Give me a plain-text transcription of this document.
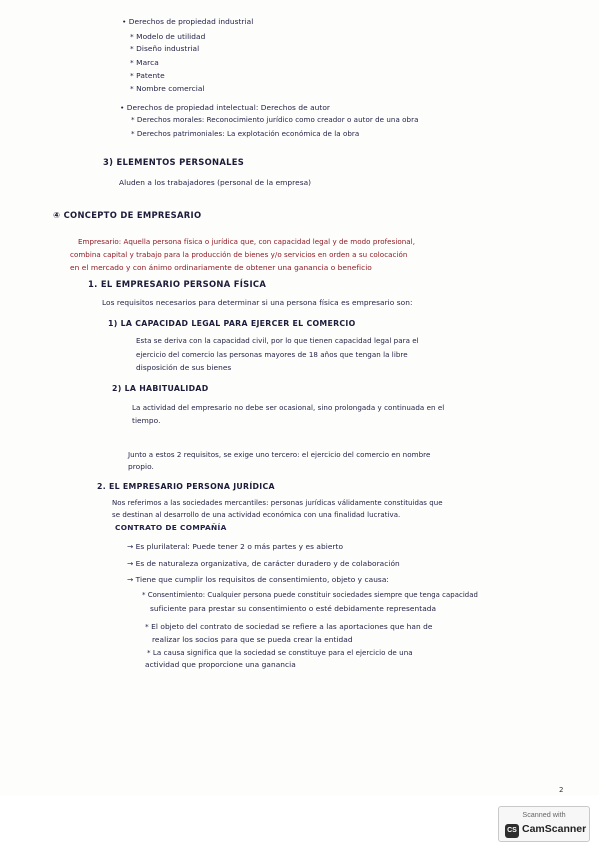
• Derechos de propiedad industrial
* Modelo de utilidad
* Diseño industrial
* Marca
* Patente
* Nombre comercial
• Derechos de propiedad intelectual: Derechos de autor
* Derechos morales: Reconocimiento jurídico como creador o autor de una obra
* Derechos patrimoniales: La explotación económica de la obra
3) ELEMENTOS PERSONALES
Aluden a los trabajadores (personal de la empresa)
④ CONCEPTO DE EMPRESARIO
Empresario: Aquella persona física o jurídica que, con capacidad legal y de modo profesional,
combina capital y trabajo para la producción de bienes y/o servicios en orden a su colocación
en el mercado y con ánimo ordinariamente de obtener una ganancia o beneficio
1. EL EMPRESARIO PERSONA FÍSICA
Los requisitos necesarios para determinar si una persona física es empresario son:
1) LA CAPACIDAD LEGAL PARA EJERCER EL COMERCIO
Esta se deriva con la capacidad civil, por lo que tienen capacidad legal para el
ejercicio del comercio las personas mayores de 18 años que tengan la libre
disposición de sus bienes
2) LA HABITUALIDAD
La actividad del empresario no debe ser ocasional, sino prolongada y continuada en el
tiempo.
Junto a estos 2 requisitos, se exige uno tercero: el ejercicio del comercio en nombre
propio.
2. EL EMPRESARIO PERSONA JURÍDICA
Nos referimos a las sociedades mercantiles: personas jurídicas válidamente constituidas que
se destinan al desarrollo de una actividad económica con una finalidad lucrativa.
CONTRATO DE COMPAÑÍA
→ Es plurilateral: Puede tener 2 o más partes y es abierto
→ Es de naturaleza organizativa, de carácter duradero y de colaboración
→ Tiene que cumplir los requisitos de consentimiento, objeto y causa:
* Consentimiento: Cualquier persona puede constituir sociedades siempre que tenga capacidad
suficiente para prestar su consentimiento o esté debidamente representada
* El objeto del contrato de sociedad se refiere a las aportaciones que han de
realizar los socios para que se pueda crear la entidad
* La causa significa que la sociedad se constituye para el ejercicio de una
actividad que proporcione una ganancia
2
Scanned with
CS CamScanner
